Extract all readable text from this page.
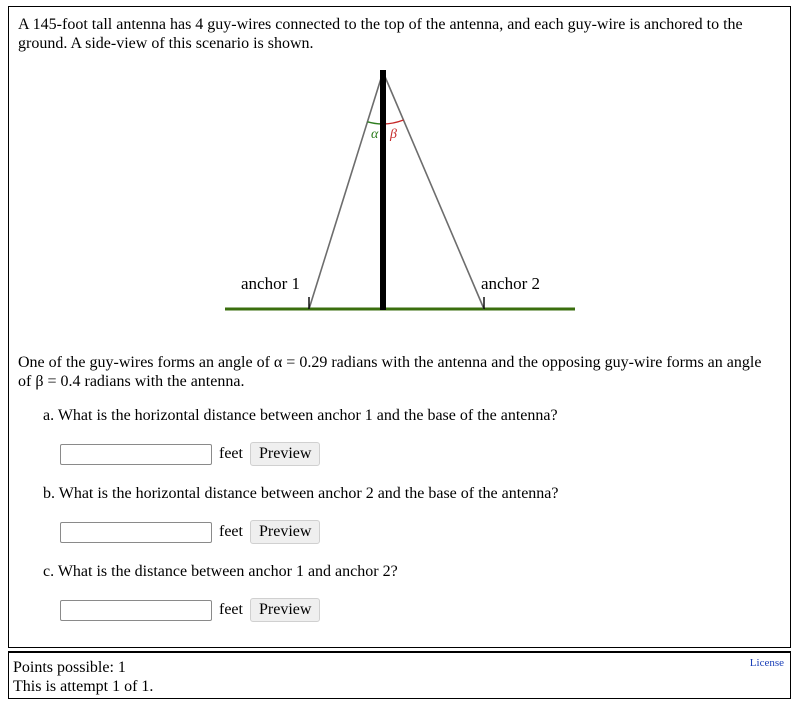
A 145-foot tall antenna has 4 guy-wires connected to the top of the antenna, and each guy-wire is anchored to the ground. A side-view of this scenario is shown.
α β
anchor 1	anchor 2
One of the guy-wires forms an angle of α = 0.29 radians with the antenna and the opposing guy-wire forms an angle
of β = 0.4 radians with the antenna.
a. What is the horizontal distance between anchor 1 and the base of the antenna?
feet	Preview
b. What is the horizontal distance between anchor 2 and the base of the antenna?
feet	Preview
c. What is the distance between anchor 1 and anchor 2?
feet	Preview
Points possible: 1
This is attempt 1 of 1.
License
